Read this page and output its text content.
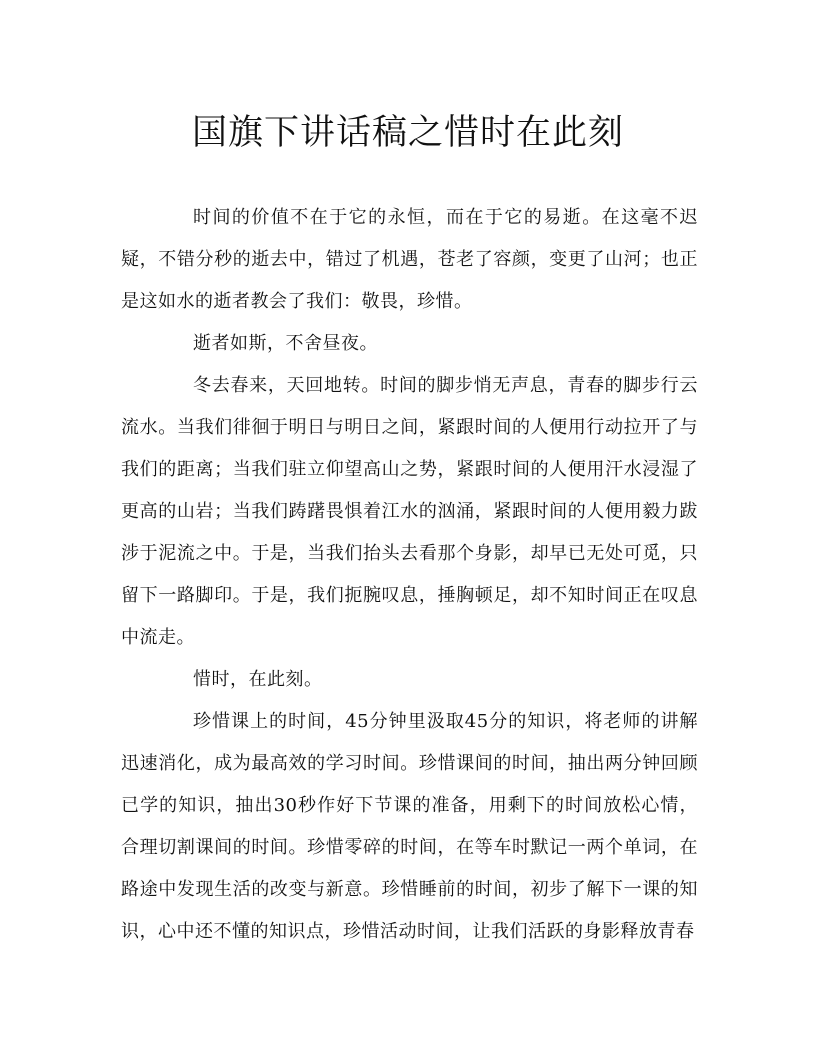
国旗下讲话稿之惜时在此刻

时间的价值不在于它的永恒，而在于它的易逝。在这毫不迟疑，不错分秒的逝去中，错过了机遇，苍老了容颜，变更了山河；也正是这如水的逝者教会了我们：敬畏，珍惜。

逝者如斯，不舍昼夜。

冬去春来，天回地转。时间的脚步悄无声息，青春的脚步行云流水。当我们徘徊于明日与明日之间，紧跟时间的人便用行动拉开了与我们的距离；当我们驻立仰望高山之势，紧跟时间的人便用汗水浸湿了更高的山岩；当我们踌躇畏惧着江水的汹涌，紧跟时间的人便用毅力跋涉于泥流之中。于是，当我们抬头去看那个身影，却早已无处可觅，只留下一路脚印。于是，我们扼腕叹息，捶胸顿足，却不知时间正在叹息中流走。

惜时，在此刻。

珍惜课上的时间，45分钟里汲取45分的知识，将老师的讲解迅速消化，成为最高效的学习时间。珍惜课间的时间，抽出两分钟回顾已学的知识，抽出30秒作好下节课的准备，用剩下的时间放松心情，合理切割课间的时间。珍惜零碎的时间，在等车时默记一两个单词，在路途中发现生活的改变与新意。珍惜睡前的时间，初步了解下一课的知识，心中还不懂的知识点，珍惜活动时间，让我们活跃的身影释放青春
